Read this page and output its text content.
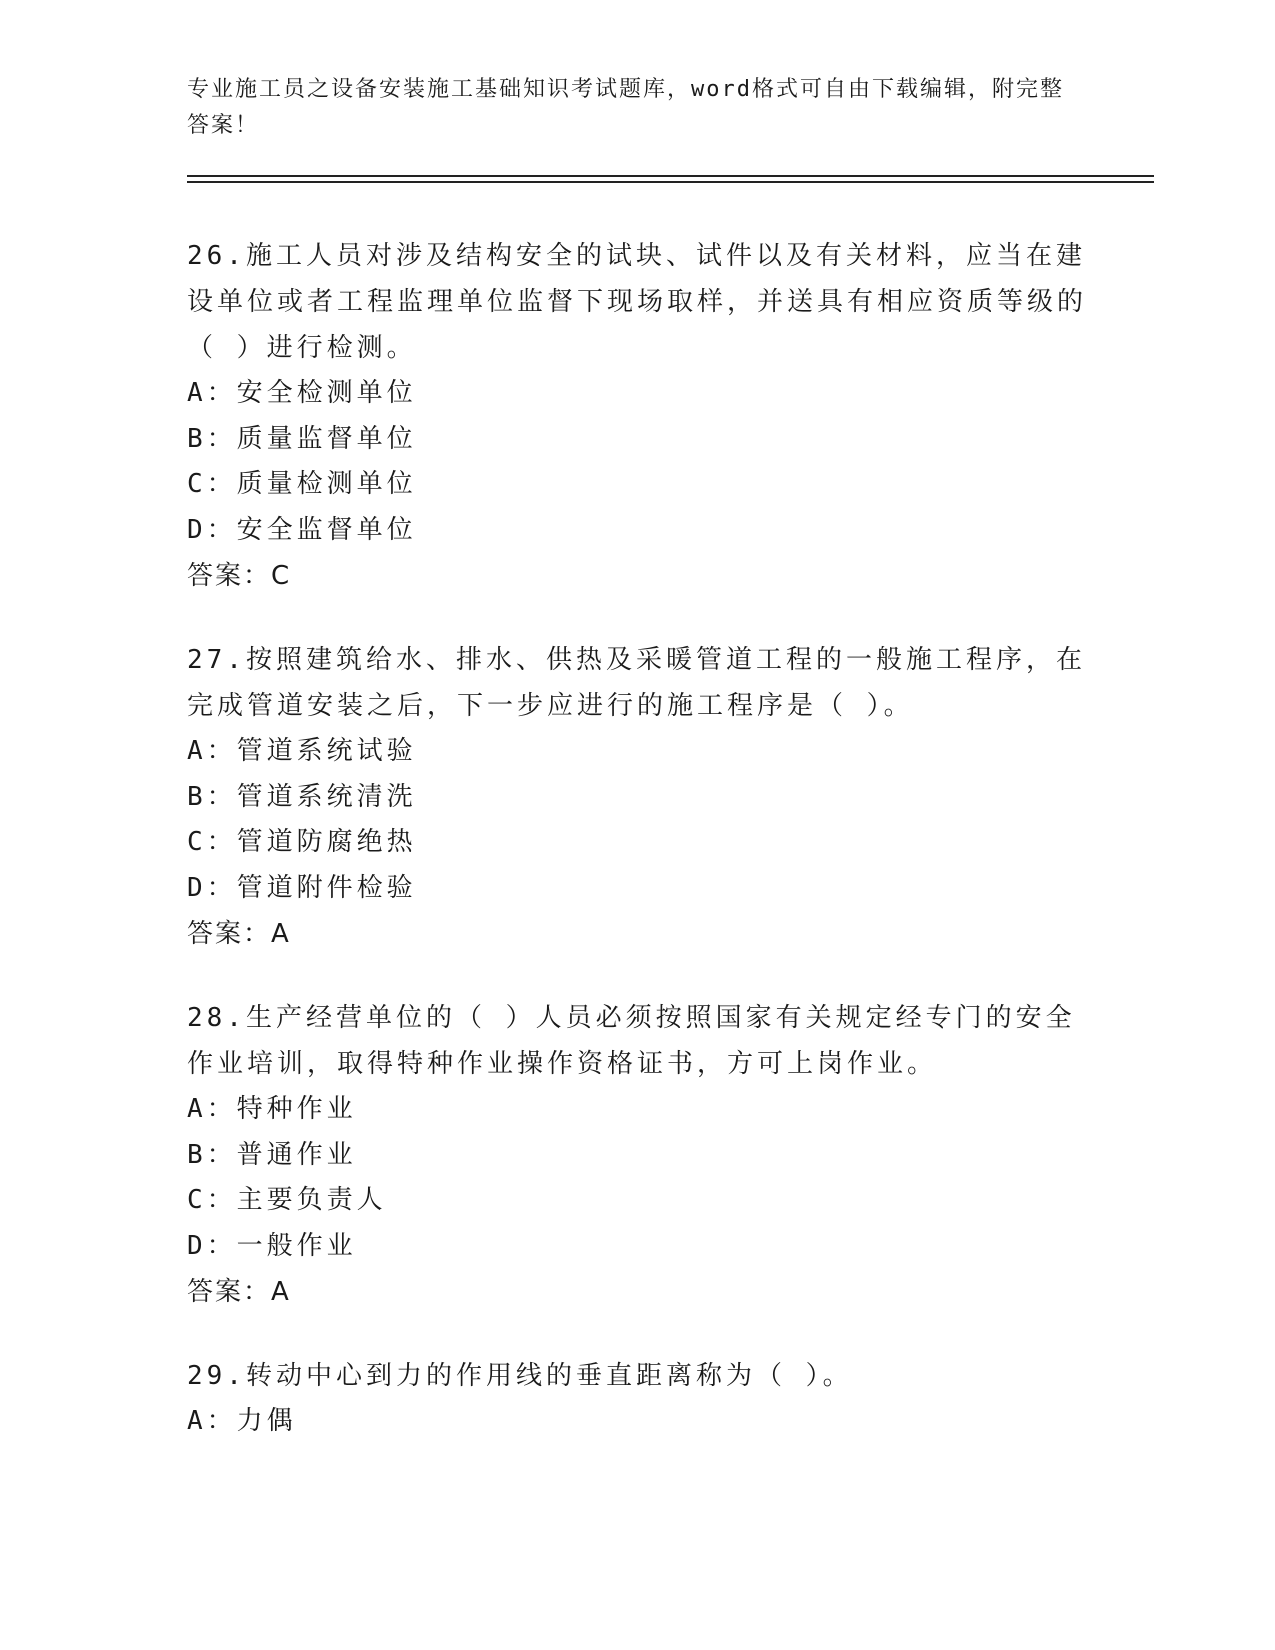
专业施工员之设备安装施工基础知识考试题库，word格式可自由下载编辑，附完整答案！

26.施工人员对涉及结构安全的试块、试件以及有关材料，应当在建设单位或者工程监理单位监督下现场取样，并送具有相应资质等级的（ ）进行检测。

A：安全检测单位

B：质量监督单位

C：质量检测单位

D：安全监督单位

答案：C

27.按照建筑给水、排水、供热及采暖管道工程的一般施工程序，在完成管道安装之后，下一步应进行的施工程序是（ ）。

A：管道系统试验

B：管道系统清洗

C：管道防腐绝热

D：管道附件检验

答案：A

28.生产经营单位的（ ）人员必须按照国家有关规定经专门的安全作业培训，取得特种作业操作资格证书，方可上岗作业。

A：特种作业

B：普通作业

C：主要负责人

D：一般作业

答案：A

29.转动中心到力的作用线的垂直距离称为（ ）。

A：力偶
